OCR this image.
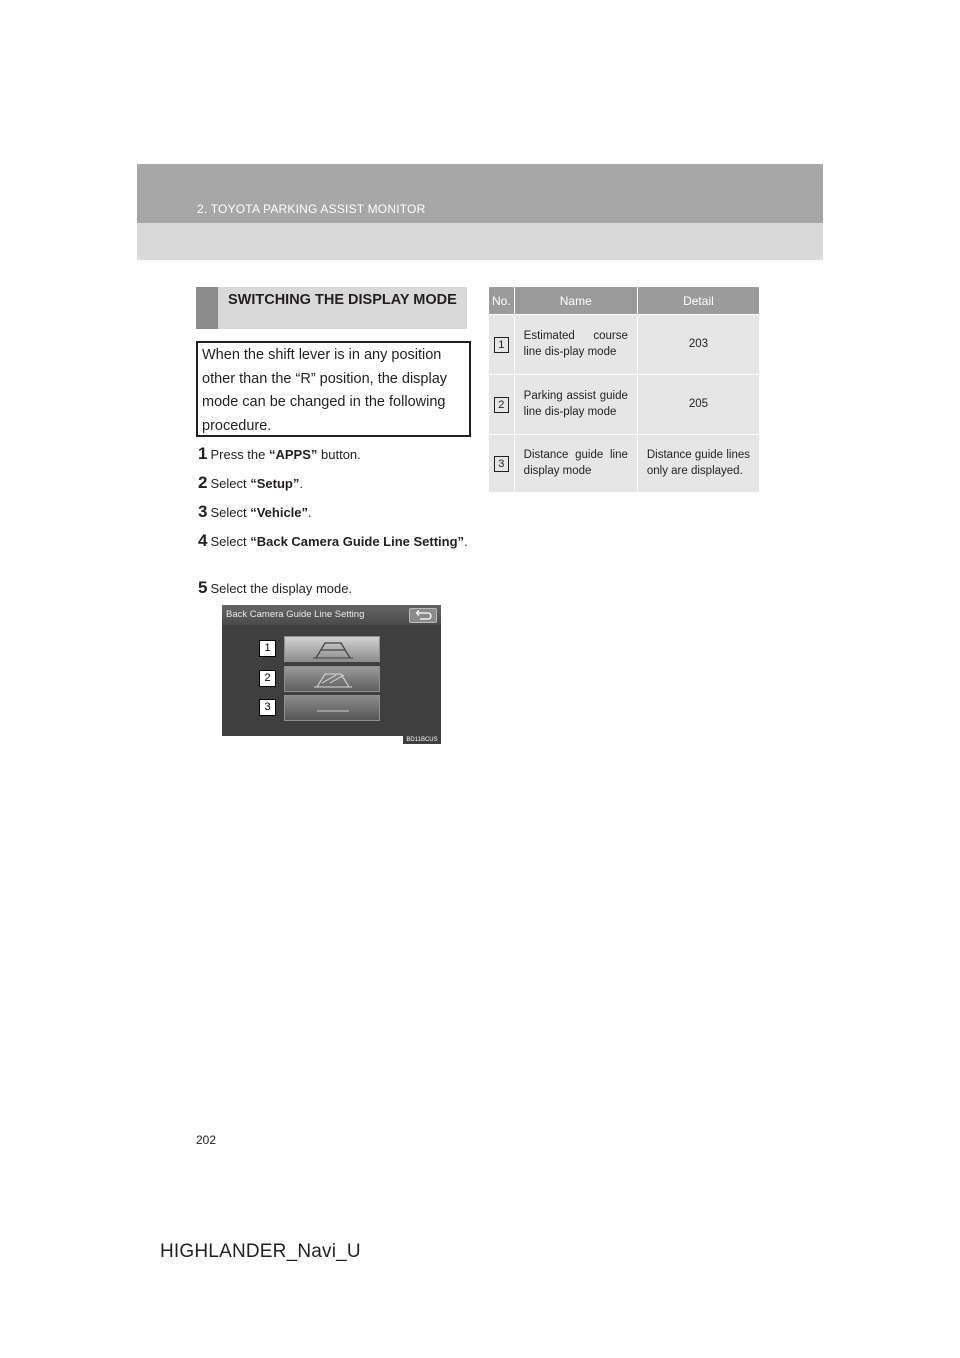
2. TOYOTA PARKING ASSIST MONITOR
SWITCHING THE DISPLAY MODE
When the shift lever is in any position other than the “R” position, the display mode can be changed in the following procedure.
1 Press the “APPS” button.
2 Select “Setup”.
3 Select “Vehicle”.
4 Select “Back Camera Guide Line Setting”.
5 Select the display mode.
Back Camera Guide Line Setting
1
2
3
BD11BCUS
No.	Name	Detail
1	Estimated course line dis-play mode	203
2	Parking assist guide line dis-play mode	205
3	Distance guide line display mode	Distance guide lines only are displayed.
202
HIGHLANDER_Navi_U
